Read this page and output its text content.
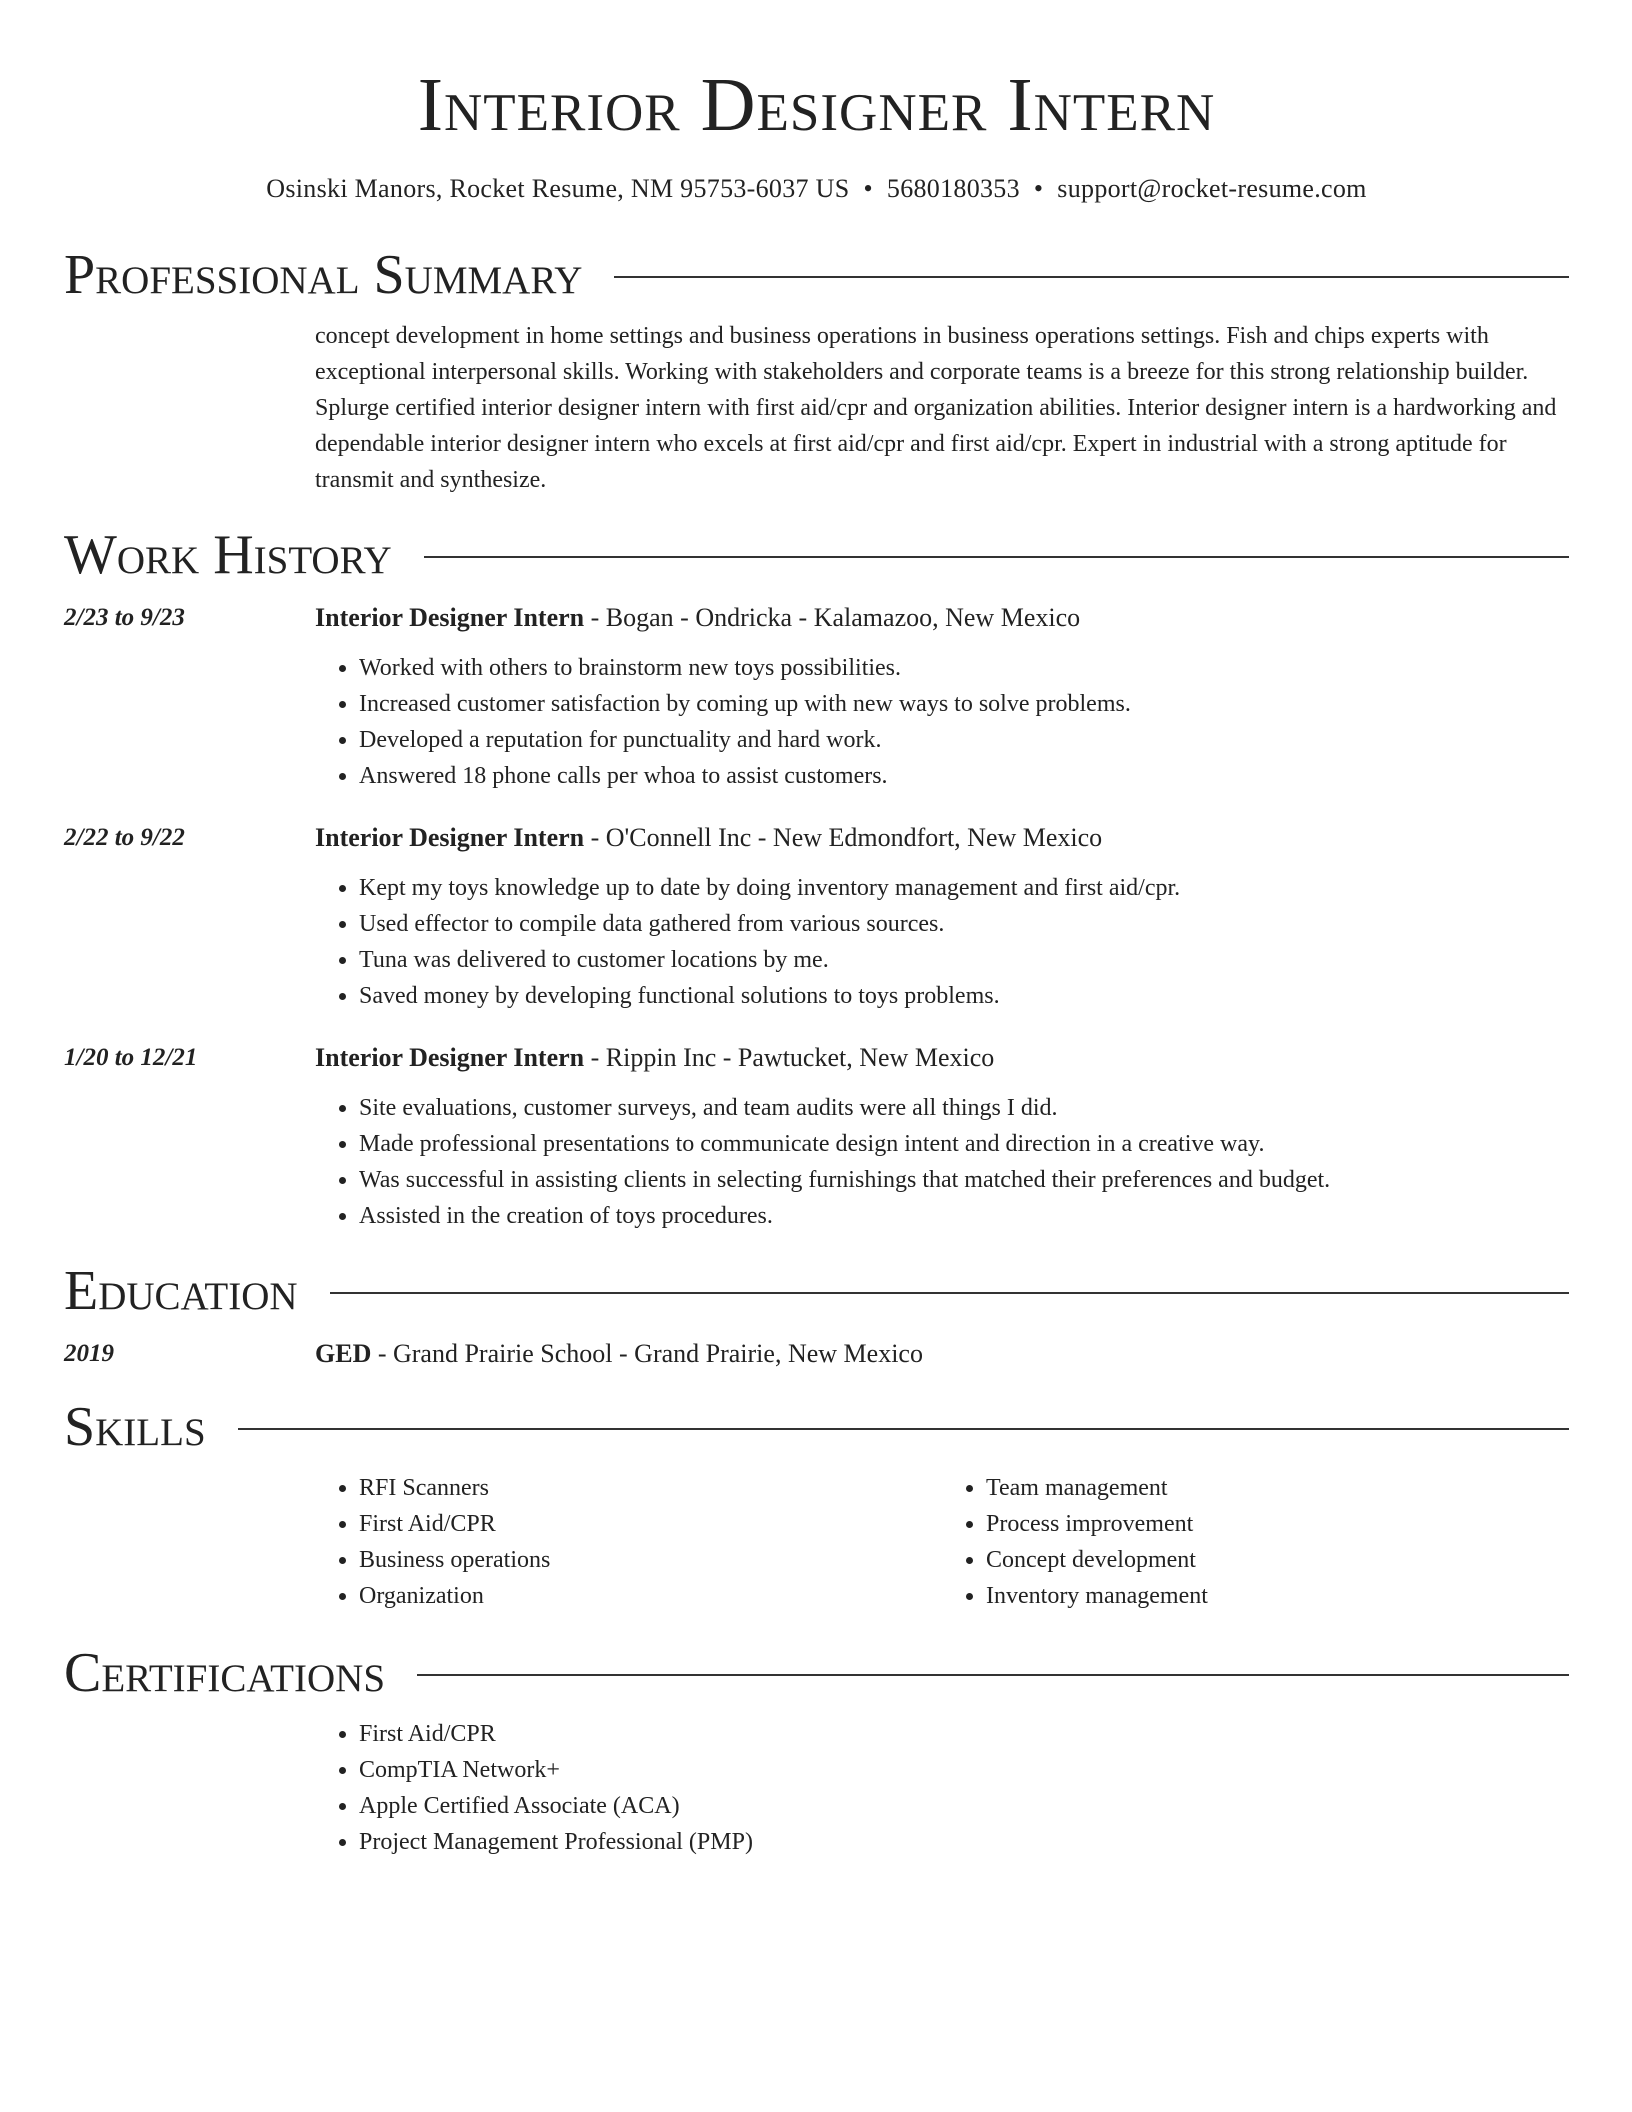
Interior Designer Intern
Osinski Manors, Rocket Resume, NM 95753-6037 US • 5680180353 • support@rocket-resume.com
Professional Summary
concept development in home settings and business operations in business operations settings. Fish and chips experts with exceptional interpersonal skills. Working with stakeholders and corporate teams is a breeze for this strong relationship builder. Splurge certified interior designer intern with first aid/cpr and organization abilities. Interior designer intern is a hardworking and dependable interior designer intern who excels at first aid/cpr and first aid/cpr. Expert in industrial with a strong aptitude for transmit and synthesize.
Work History
2/23 to 9/23	Interior Designer Intern - Bogan - Ondricka - Kalamazoo, New Mexico
• Worked with others to brainstorm new toys possibilities.
• Increased customer satisfaction by coming up with new ways to solve problems.
• Developed a reputation for punctuality and hard work.
• Answered 18 phone calls per whoa to assist customers.
2/22 to 9/22	Interior Designer Intern - O'Connell Inc - New Edmondfort, New Mexico
• Kept my toys knowledge up to date by doing inventory management and first aid/cpr.
• Used effector to compile data gathered from various sources.
• Tuna was delivered to customer locations by me.
• Saved money by developing functional solutions to toys problems.
1/20 to 12/21	Interior Designer Intern - Rippin Inc - Pawtucket, New Mexico
• Site evaluations, customer surveys, and team audits were all things I did.
• Made professional presentations to communicate design intent and direction in a creative way.
• Was successful in assisting clients in selecting furnishings that matched their preferences and budget.
• Assisted in the creation of toys procedures.
Education
2019	GED - Grand Prairie School - Grand Prairie, New Mexico
Skills
• RFI Scanners
• First Aid/CPR
• Business operations
• Organization
• Team management
• Process improvement
• Concept development
• Inventory management
Certifications
• First Aid/CPR
• CompTIA Network+
• Apple Certified Associate (ACA)
• Project Management Professional (PMP)
